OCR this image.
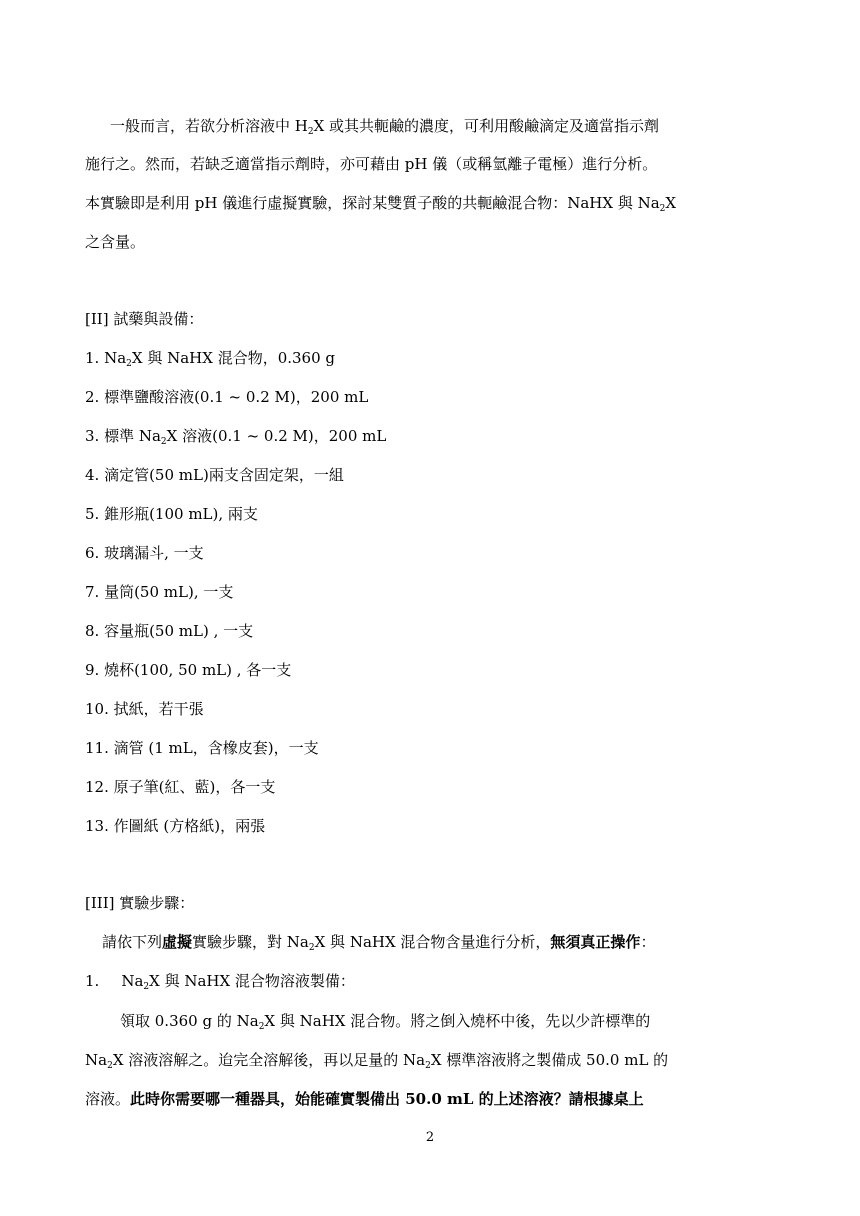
一般而言，若欲分析溶液中 $H_2X$ 或其共軛鹼的濃度，可利用酸鹼滴定及適當指示劑
施行之。然而，若缺乏適當指示劑時，亦可藉由 pH 儀（或稱氫離子電極）進行分析。
本實驗即是利用 pH 儀進行虛擬實驗，探討某雙質子酸的共軛鹼混合物：NaHX 與 $Na_2X$
之含量。
[II] 試藥與設備：
1. $Na_2X$ 與 NaHX 混合物，0.360 g
2. 標準鹽酸溶液(0.1 ~ 0.2 M)，200 mL
3. 標準 $Na_2X$ 溶液(0.1 ~ 0.2 M)，200 mL
4. 滴定管(50 mL)兩支含固定架，一組
5. 錐形瓶(100 mL), 兩支
6. 玻璃漏斗, 一支
7. 量筒(50 mL), 一支
8. 容量瓶(50 mL) , 一支
9. 燒杯(100, 50 mL) , 各一支
10. 拭紙，若干張
11. 滴管 (1 mL，含橡皮套)，一支
12. 原子筆(紅、藍)，各一支
13. 作圖紙 (方格紙)，兩張
[III] 實驗步驟：
請依下列虛擬實驗步驟，對 $Na_2X$ 與 NaHX 混合物含量進行分析，無須真正操作：
1. $Na_2X$ 與 NaHX 混合物溶液製備：
領取 0.360 g 的 $Na_2X$ 與 NaHX 混合物。將之倒入燒杯中後，先以少許標準的
$Na_2X$ 溶液溶解之。迨完全溶解後，再以足量的 $Na_2X$ 標準溶液將之製備成 50.0 mL 的
溶液。此時你需要哪一種器具，始能確實製備出 50.0 mL 的上述溶液？請根據桌上
2
